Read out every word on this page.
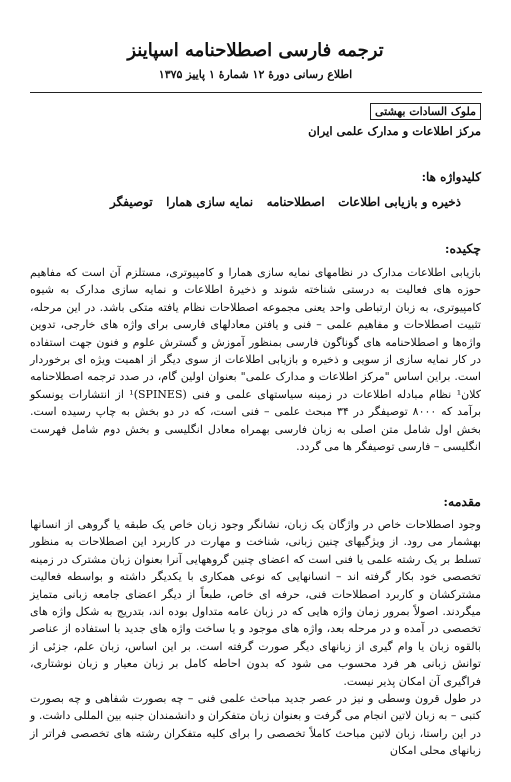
ترجمه فارسی اصطلاحنامه اسپاینز
اطلاع رسانی دورهٔ ۱۲ شمارهٔ ۱ پاییز ۱۳۷۵
ملوک السادات بهشتی
مرکز اطلاعات و مدارک علمی ایران
کلیدواژه ها:
ذخیره و بازیابی اطلاعات
اصطلاحنامه
نمایه سازی همارا
توصیفگر
چکیده:

بازیابی اطلاعات مدارک در نظامهای نمایه سازی همارا و کامپیوتری، مستلزم آن است که مفاهیم حوزه های فعالیت به درستی شناخته شوند و ذخیرهٔ اطلاعات و نمایه سازی مدارک به شیوه کامپیوتری، به زبان ارتباطی واحد یعنی مجموعه اصطلاحات نظام یافته متکی باشد. در این مرحله، تثبیت اصطلاحات و مفاهیم علمی – فنی و یافتن معادلهای فارسی برای واژه های خارجی، تدوین واژه‌ها و اصطلاحنامه های گوناگون فارسی بمنظور آموزش و گسترش علوم و فنون جهت استفاده در کار نمایه سازی از سویی و ذخیره و بازیابی اطلاعات از سوی دیگر از اهمیت ویژه ای برخوردار است. براین اساس "مرکز اطلاعات و مدارک علمی" بعنوان اولین گام، در صدد ترجمه اصطلاحنامه کلان¹ نظام مبادله اطلاعات در زمینه سیاستهای علمی و فنی (SPINES)¹ از انتشارات یونسکو برآمد که ۸۰۰۰ توصیفگر در ۳۴ مبحث علمی – فنی است، که در دو بخش به چاپ رسیده است. بخش اول شامل متن اصلی به زبان فارسی بهمراه معادل انگلیسی و بخش دوم شامل فهرست انگلیسی – فارسی توصیفگر ها می گردد.

مقدمه:

وجود اصطلاحات خاص در واژگان یک زبان، نشانگر وجود زبان خاص یک طبقه یا گروهی از انسانها بهشمار می رود. از ویژگیهای چنین زبانی، شناخت و مهارت در کاربرد این اصطلاحات به منظور تسلط بر یک رشته علمی یا فنی است که اعضای چنین گروههایی آنرا بعنوان زبان مشترک در زمینه تخصصی خود بکار گرفته اند – انسانهایی که نوعی همکاری با یکدیگر داشته و بواسطه فعالیت مشترکشان و کاربرد اصطلاحات فنی، حرفه ای خاص، طبعاً از دیگر اعضای جامعه زبانی متمایز میگردند. اصولاً بمرور زمان واژه هایی که در زبان عامه متداول بوده اند، بتدریج به شکل واژه های تخصصی در آمده و در مرحله بعد، واژه های موجود و یا ساخت واژه های جدید با استفاده از عناصر بالقوه زبان یا وام گیری از زبانهای دیگر صورت گرفته است. بر این اساس، زبان علم، جزئی از توانش زبانی هر فرد محسوب می شود که بدون احاطه کامل بر زبان معیار و زبان نوشتاری، فراگیری آن امکان پذیر نیست.

در طول قرون وسطی و نیز در عصر جدید مباحث علمی فنی – چه بصورت شفاهی و چه بصورت کتبی – به زبان لاتین انجام می گرفت و بعنوان زبان متفکران و دانشمندان جنبه بین المللی داشت. و در این راستا، زبان لاتین مباحث کاملاً تخصصی را برای کلیه متفکران رشته های تخصصی فراتر از زبانهای محلی امکان
